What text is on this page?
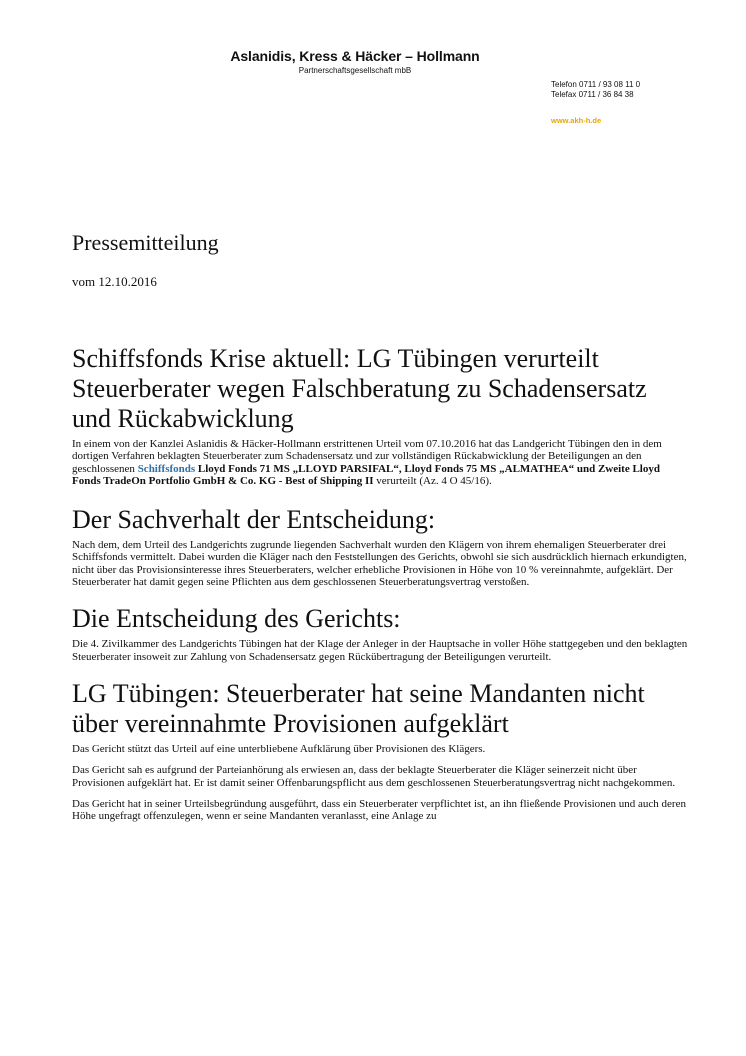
Aslanidis, Kress & Häcker – Hollmann
Partnerschaftsgesellschaft mbB
Telefon 0711 / 93 08 11 0
Telefax 0711 / 36 84 38
www.akh-h.de
Pressemitteilung
vom 12.10.2016
Schiffsfonds Krise aktuell: LG Tübingen verurteilt Steuerberater wegen Falschberatung zu Schadensersatz und Rückabwicklung

In einem von der Kanzlei Aslanidis & Häcker-Hollmann erstrittenen Urteil vom 07.10.2016 hat das Landgericht Tübingen den in dem dortigen Verfahren beklagten Steuerberater zum Schadensersatz und zur vollständigen Rückabwicklung der Beteiligungen an den geschlossenen Schiffsfonds Lloyd Fonds 71 MS „LLOYD PARSIFAL“, Lloyd Fonds 75 MS „ALMATHEA“ und Zweite Lloyd Fonds TradeOn Portfolio GmbH & Co. KG - Best of Shipping II verurteilt (Az. 4 O 45/16).

Der Sachverhalt der Entscheidung:

Nach dem, dem Urteil des Landgerichts zugrunde liegenden Sachverhalt wurden den Klägern von ihrem ehemaligen Steuerberater drei Schiffsfonds vermittelt. Dabei wurden die Kläger nach den Feststellungen des Gerichts, obwohl sie sich ausdrücklich hiernach erkundigten, nicht über das Provisionsinteresse ihres Steuerberaters, welcher erhebliche Provisionen in Höhe von 10 % vereinnahmte, aufgeklärt. Der Steuerberater hat damit gegen seine Pflichten aus dem geschlossenen Steuerberatungsvertrag verstoßen.

Die Entscheidung des Gerichts:

Die 4. Zivilkammer des Landgerichts Tübingen hat der Klage der Anleger in der Hauptsache in voller Höhe stattgegeben und den beklagten Steuerberater insoweit zur Zahlung von Schadensersatz gegen Rückübertragung der Beteiligungen verurteilt.

LG Tübingen: Steuerberater hat seine Mandanten nicht über vereinnahmte Provisionen aufgeklärt

Das Gericht stützt das Urteil auf eine unterbliebene Aufklärung über Provisionen des Klägers.

Das Gericht sah es aufgrund der Parteianhörung als erwiesen an, dass der beklagte Steuerberater die Kläger seinerzeit nicht über Provisionen aufgeklärt hat. Er ist damit seiner Offenbarungspflicht aus dem geschlossenen Steuerberatungsvertrag nicht nachgekommen.

Das Gericht hat in seiner Urteilsbegründung ausgeführt, dass ein Steuerberater verpflichtet ist, an ihn fließende Provisionen und auch deren Höhe ungefragt offenzulegen, wenn er seine Mandanten veranlasst, eine Anlage zu
